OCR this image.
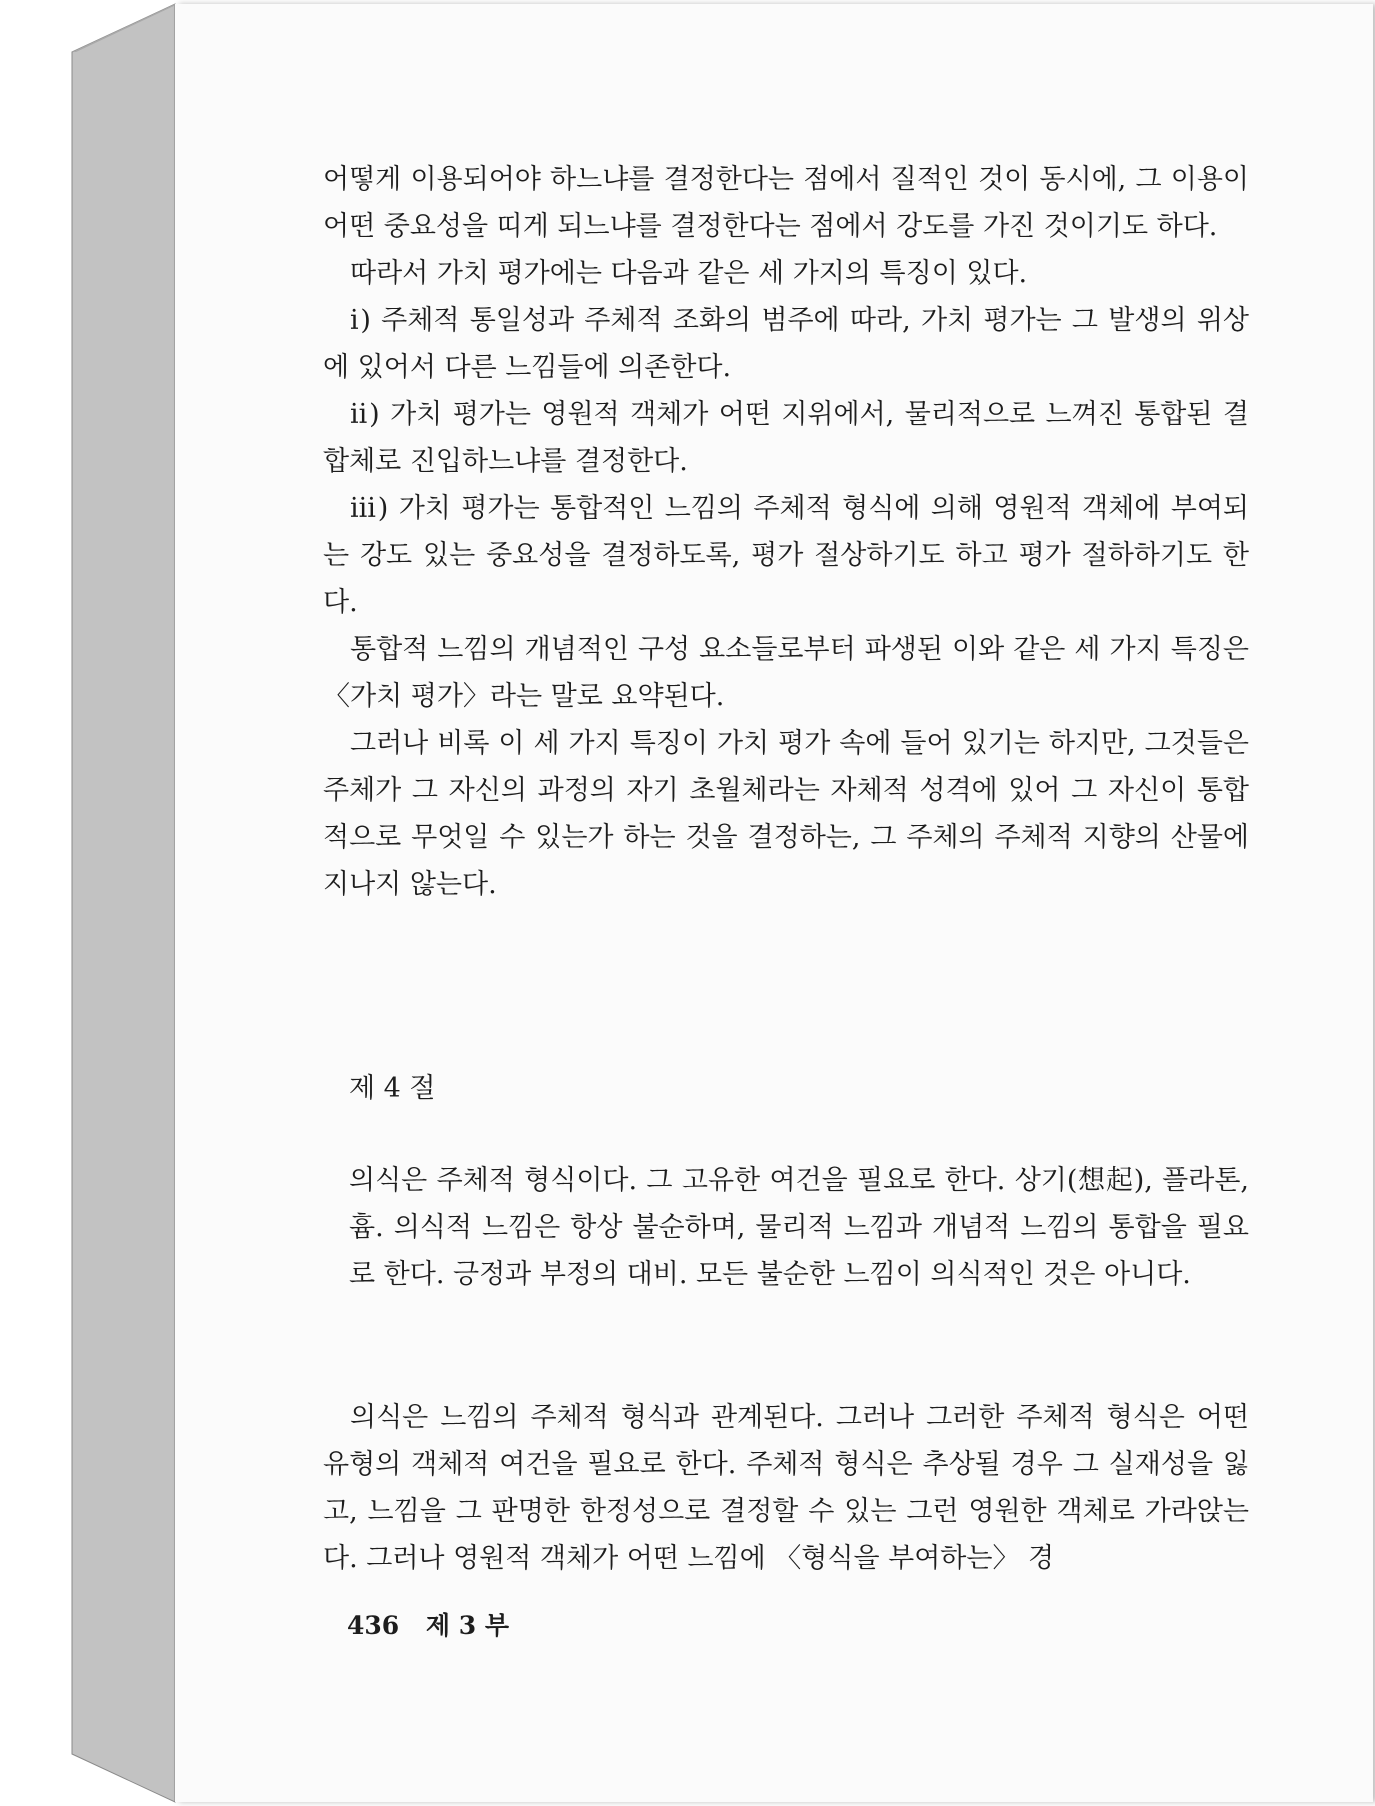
어떻게 이용되어야 하느냐를 결정한다는 점에서 질적인 것이 동시에, 그 이용이 어떤 중요성을 띠게 되느냐를 결정한다는 점에서 강도를 가진 것이기도 하다.

따라서 가치 평가에는 다음과 같은 세 가지의 특징이 있다.

ⅰ) 주체적 통일성과 주체적 조화의 범주에 따라, 가치 평가는 그 발생의 위상에 있어서 다른 느낌들에 의존한다.

ⅱ) 가치 평가는 영원적 객체가 어떤 지위에서, 물리적으로 느껴진 통합된 결합체로 진입하느냐를 결정한다.

ⅲ) 가치 평가는 통합적인 느낌의 주체적 형식에 의해 영원적 객체에 부여되는 강도 있는 중요성을 결정하도록, 평가 절상하기도 하고 평가 절하하기도 한다.

통합적 느낌의 개념적인 구성 요소들로부터 파생된 이와 같은 세 가지 특징은 〈가치 평가〉라는 말로 요약된다.

그러나 비록 이 세 가지 특징이 가치 평가 속에 들어 있기는 하지만, 그것들은 주체가 그 자신의 과정의 자기 초월체라는 자체적 성격에 있어 그 자신이 통합적으로 무엇일 수 있는가 하는 것을 결정하는, 그 주체의 주체적 지향의 산물에 지나지 않는다.

제 4 절
의식은 주체적 형식이다. 그 고유한 여건을 필요로 한다. 상기(想起), 플라톤, 흄. 의식적 느낌은 항상 불순하며, 물리적 느낌과 개념적 느낌의 통합을 필요로 한다. 긍정과 부정의 대비. 모든 불순한 느낌이 의식적인 것은 아니다.
의식은 느낌의 주체적 형식과 관계된다. 그러나 그러한 주체적 형식은 어떤 유형의 객체적 여건을 필요로 한다. 주체적 형식은 추상될 경우 그 실재성을 잃고, 느낌을 그 판명한 한정성으로 결정할 수 있는 그런 영원한 객체로 가라앉는다. 그러나 영원적 객체가 어떤 느낌에 〈형식을 부여하는〉 경
436 제 3 부
